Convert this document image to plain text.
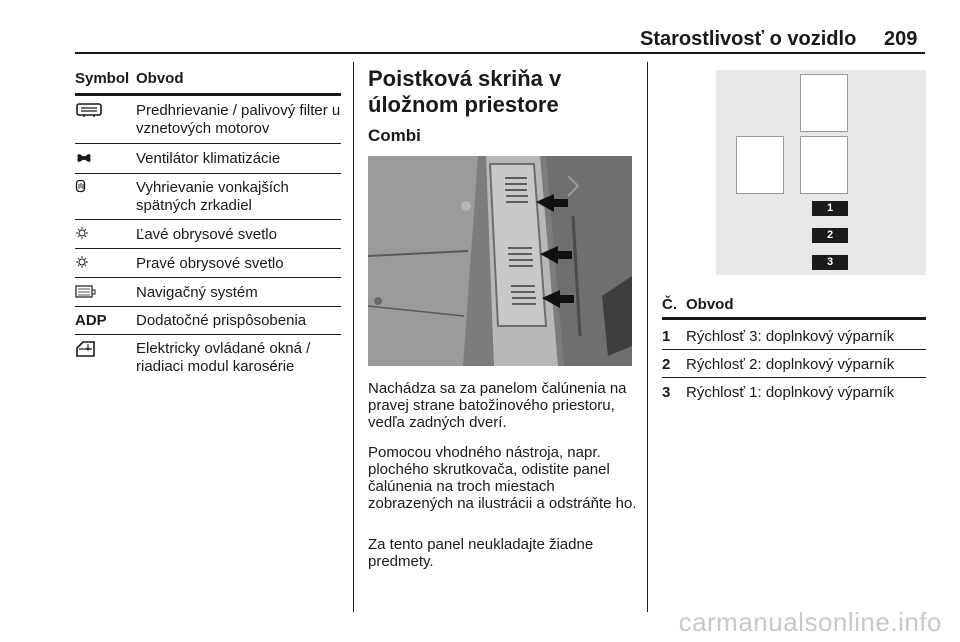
Starostlivosť o vozidlo 209
Symbol Obvod
Predhrievanie / palivový filter u vznetových motorov
Ventilátor klimatizácie
Vyhrievanie vonkajších spätných zrkadiel
Ľavé obrysové svetlo
Pravé obrysové svetlo
Navigačný systém
ADP	Dodatočné prispôsobenia
Elektricky ovládané okná / riadiaci modul karosérie
Poistková skriňa v úložnom priestore
Combi
Nachádza sa za panelom čalúnenia na pravej strane batožinového priestoru, vedľa zadných dverí.
Pomocou vhodného nástroja, napr. plochého skrutkovača, odistite panel čalúnenia na troch miestach zobrazených na ilustrácii a odstráňte ho.
Za tento panel neukladajte žiadne predmety.
1
2
3
Č. Obvod
1 Rýchlosť 3: doplnkový výparník
2 Rýchlosť 2: doplnkový výparník
3 Rýchlosť 1: doplnkový výparník
carmanualsonline.info
